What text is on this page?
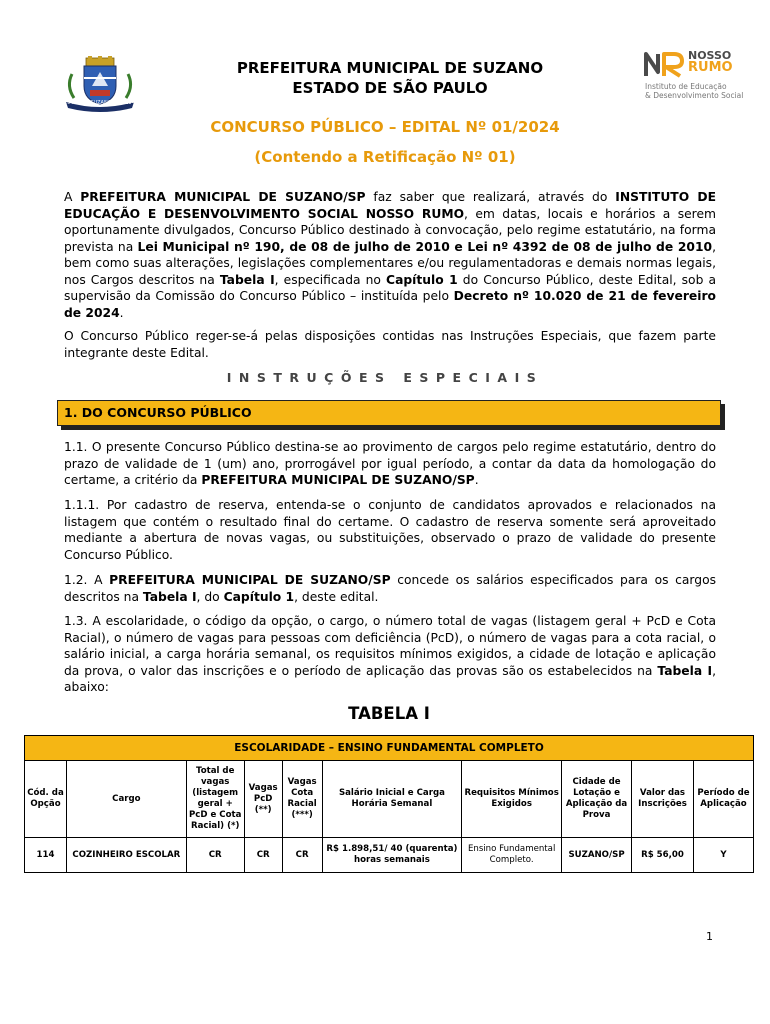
1949	SUZANO	1949
PREFEITURA MUNICIPAL DE SUZANO
ESTADO DE SÃO PAULO
NOSSO
RUMO
Instituto de Educação
& Desenvolvimento Social
CONCURSO PÚBLICO – EDITAL Nº 01/2024
(Contendo a Retificação Nº 01)

A PREFEITURA MUNICIPAL DE SUZANO/SP faz saber que realizará, através do INSTITUTO DE EDUCAÇÃO E DESENVOLVIMENTO SOCIAL NOSSO RUMO, em datas, locais e horários a serem oportunamente divulgados, Concurso Público destinado à convocação, pelo regime estatutário, na forma prevista na Lei Municipal nº 190, de 08 de julho de 2010 e Lei nº 4392 de 08 de julho de 2010, bem como suas alterações, legislações complementares e/ou regulamentadoras e demais normas legais, nos Cargos descritos na Tabela I, especificada no Capítulo 1 do Concurso Público, deste Edital, sob a supervisão da Comissão do Concurso Público – instituída pelo Decreto nº 10.020 de 21 de fevereiro de 2024.

O Concurso Público reger-se-á pelas disposições contidas nas Instruções Especiais, que fazem parte integrante deste Edital.

INSTRUÇÕES ESPECIAIS
1. DO CONCURSO PÚBLICO

1.1. O presente Concurso Público destina-se ao provimento de cargos pelo regime estatutário, dentro do prazo de validade de 1 (um) ano, prorrogável por igual período, a contar da data da homologação do certame, a critério da PREFEITURA MUNICIPAL DE SUZANO/SP.

1.1.1. Por cadastro de reserva, entenda-se o conjunto de candidatos aprovados e relacionados na listagem que contém o resultado final do certame. O cadastro de reserva somente será aproveitado mediante a abertura de novas vagas, ou substituições, observado o prazo de validade do presente Concurso Público.

1.2. A PREFEITURA MUNICIPAL DE SUZANO/SP concede os salários especificados para os cargos descritos na Tabela I, do Capítulo 1, deste edital.

1.3. A escolaridade, o código da opção, o cargo, o número total de vagas (listagem geral + PcD e Cota Racial), o número de vagas para pessoas com deficiência (PcD), o número de vagas para a cota racial, o salário inicial, a carga horária semanal, os requisitos mínimos exigidos, a cidade de lotação e aplicação da prova, o valor das inscrições e o período de aplicação das provas são os estabelecidos na Tabela I, abaixo:

TABELA I
ESCOLARIDADE – ENSINO FUNDAMENTAL COMPLETO									
Cód. da Opção	Cargo	Total de vagas (listagem geral + PcD e Cota Racial) (*)	Vagas PcD (**)	Vagas Cota Racial (***)	Salário Inicial e Carga Horária Semanal	Requisitos Mínimos Exigidos	Cidade de Lotação e Aplicação da Prova	Valor das Inscrições	Período de Aplicação
114	COZINHEIRO ESCOLAR	CR	CR	CR	R$ 1.898,51/ 40 (quarenta) horas semanais	Ensino Fundamental Completo.	SUZANO/SP	R$ 56,00	Y
1
